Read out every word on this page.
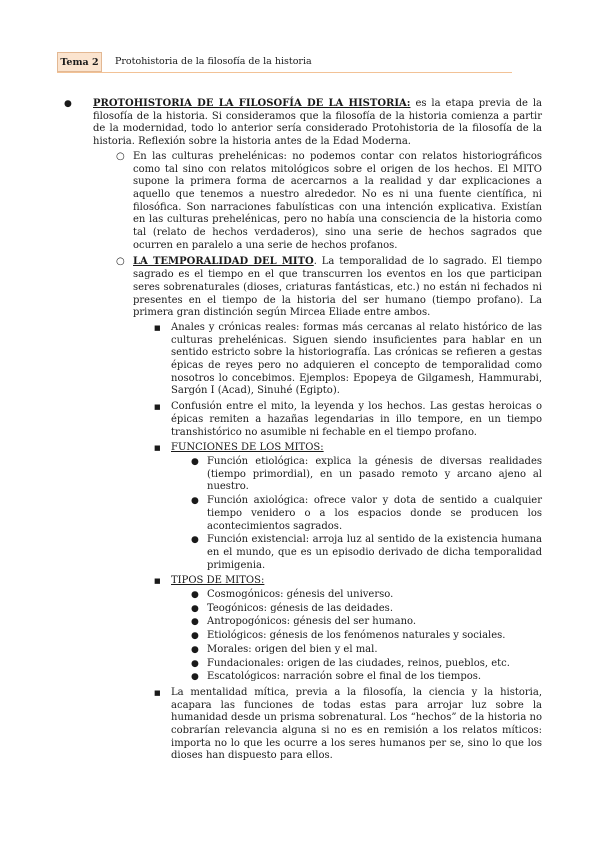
Tema 2	Protohistoria de la filosofía de la historia
● PROTOHISTORIA DE LA FILOSOFÍA DE LA HISTORIA: es la etapa previa de la filosofía de la historia. Si consideramos que la filosofía de la historia comienza a partir de la modernidad, todo lo anterior sería considerado Protohistoria de la filosofía de la historia. Reflexión sobre la historia antes de la Edad Moderna.

○ En las culturas prehelénicas: no podemos contar con relatos historiográficos como tal sino con relatos mitológicos sobre el origen de los hechos. El MITO supone la primera forma de acercarnos a la realidad y dar explicaciones a aquello que tenemos a nuestro alrededor. No es ni una fuente científica, ni filosófica. Son narraciones fabulísticas con una intención explicativa. Existían en las culturas prehelénicas, pero no había una consciencia de la historia como tal (relato de hechos verdaderos), sino una serie de hechos sagrados que ocurren en paralelo a una serie de hechos profanos.

○ LA TEMPORALIDAD DEL MITO. La temporalidad de lo sagrado. El tiempo sagrado es el tiempo en el que transcurren los eventos en los que participan seres sobrenaturales (dioses, criaturas fantásticas, etc.) no están ni fechados ni presentes en el tiempo de la historia del ser humano (tiempo profano). La primera gran distinción según Mircea Eliade entre ambos.

■ Anales y crónicas reales: formas más cercanas al relato histórico de las culturas prehelénicas. Siguen siendo insuficientes para hablar en un sentido estricto sobre la historiografía. Las crónicas se refieren a gestas épicas de reyes pero no adquieren el concepto de temporalidad como nosotros lo concebimos. Ejemplos: Epopeya de Gilgamesh, Hammurabi, Sargón I (Acad), Sinuhé (Egipto).

■ Confusión entre el mito, la leyenda y los hechos. Las gestas heroicas o épicas remiten a hazañas legendarias in illo tempore, en un tiempo transhistórico no asumible ni fechable en el tiempo profano.

■ FUNCIONES DE LOS MITOS:

● Función etiológica: explica la génesis de diversas realidades (tiempo primordial), en un pasado remoto y arcano ajeno al nuestro.

● Función axiológica: ofrece valor y dota de sentido a cualquier tiempo venidero o a los espacios donde se producen los acontecimientos sagrados.

● Función existencial: arroja luz al sentido de la existencia humana en el mundo, que es un episodio derivado de dicha temporalidad primigenia.

■ TIPOS DE MITOS:

● Cosmogónicos: génesis del universo.

● Teogónicos: génesis de las deidades.

● Antropogónicos: génesis del ser humano.

● Etiológicos: génesis de los fenómenos naturales y sociales.

● Morales: origen del bien y el mal.

● Fundacionales: origen de las ciudades, reinos, pueblos, etc.

● Escatológicos: narración sobre el final de los tiempos.

■ La mentalidad mítica, previa a la filosofía, la ciencia y la historia, acapara las funciones de todas estas para arrojar luz sobre la humanidad desde un prisma sobrenatural. Los “hechos” de la historia no cobrarían relevancia alguna si no es en remisión a los relatos míticos: importa no lo que les ocurre a los seres humanos per se, sino lo que los dioses han dispuesto para ellos.
